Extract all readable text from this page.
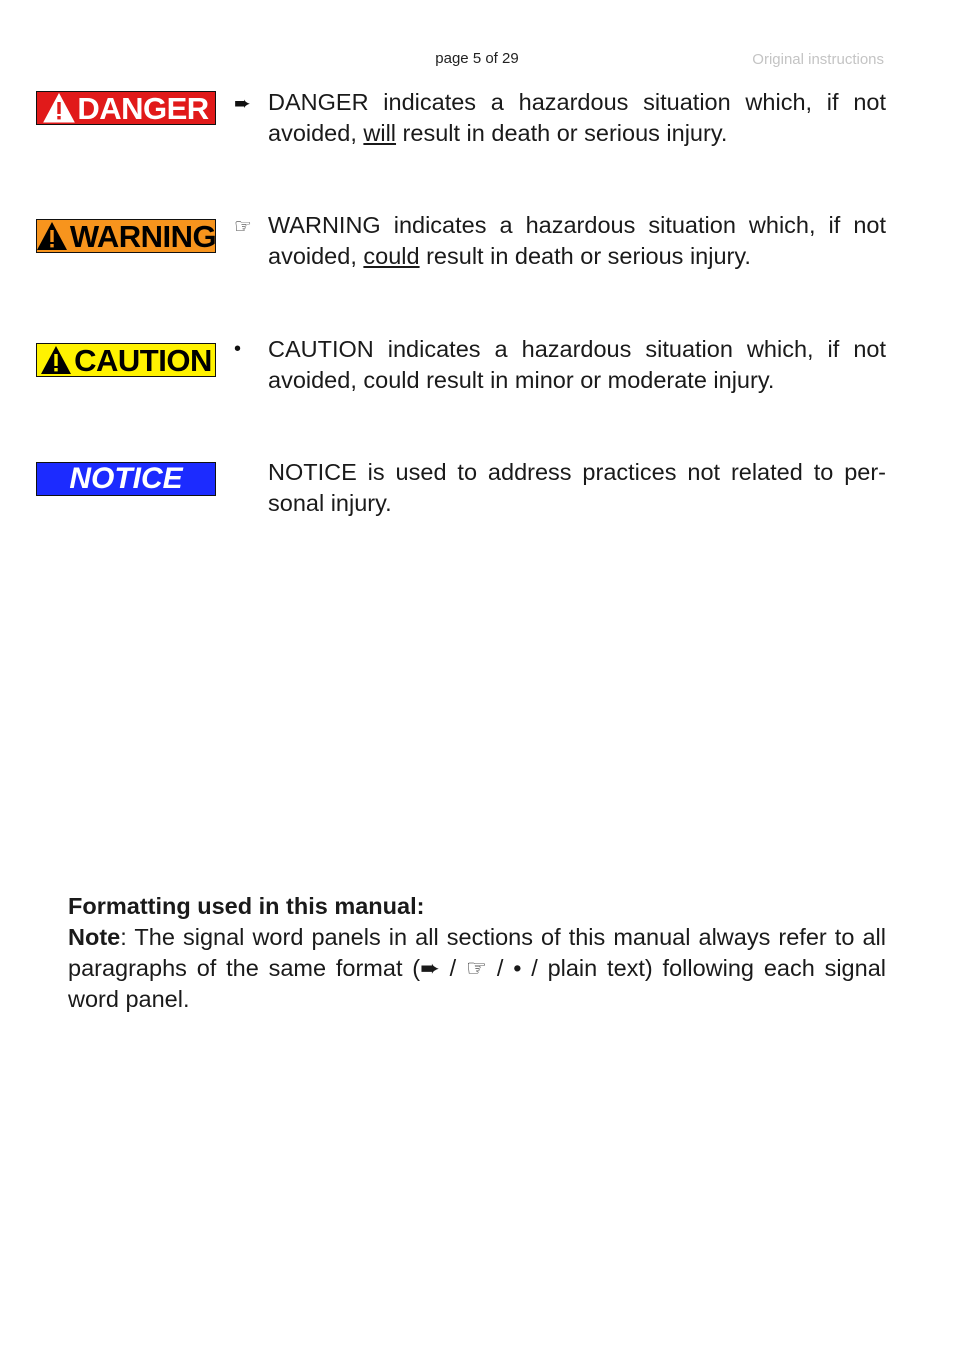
page 5 of 29	Original instructions
DANGER ➨ DANGER indicates a hazardous situation which, if not avoided, will result in death or serious injury.
WARNING ☞ WARNING indicates a hazardous situation which, if not avoided, could result in death or serious injury.
CAUTION •	CAUTION indicates a hazardous situation which, if not avoided, could result in minor or moderate injury.
NOTICE	NOTICE is used to address practices not related to per-sonal injury.
Formatting used in this manual:
Note: The signal word panels in all sections of this manual always refer to all paragraphs of the same format (➨ / ☞ / • / plain text) following each signal word panel.
